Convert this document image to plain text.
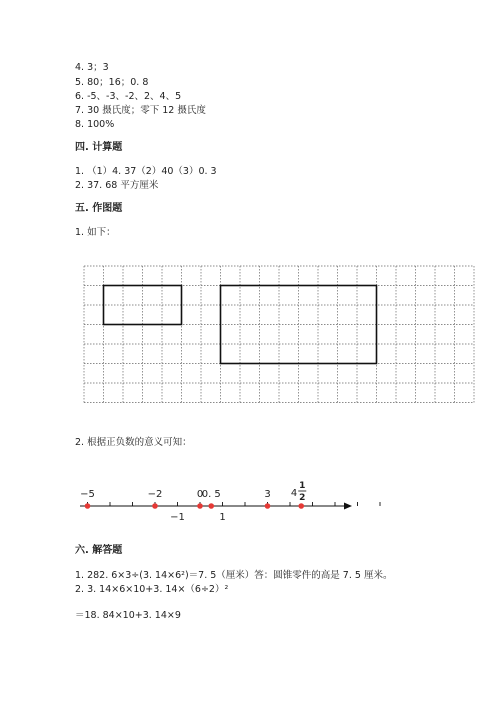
4. 3；3
5. 80；16；0. 8
6. -5、-3、-2、2、4、5
7. 30 摄氏度；零下 12 摄氏度
8. 100%
四. 计算题
1. （1）4. 37（2）40（3）0. 3
2. 37. 68 平方厘米
五. 作图题
1. 如下：
2. 根据正负数的意义可知：
−5	−2	0
0. 5	3
−1	1
4
1
2
六. 解答题
1. 282. 6×3÷(3. 14×6²)＝7. 5（厘米）答：圆锥零件的高是 7. 5 厘米。
2. 3. 14×6×10+3. 14×（6÷2）²
＝18. 84×10+3. 14×9
